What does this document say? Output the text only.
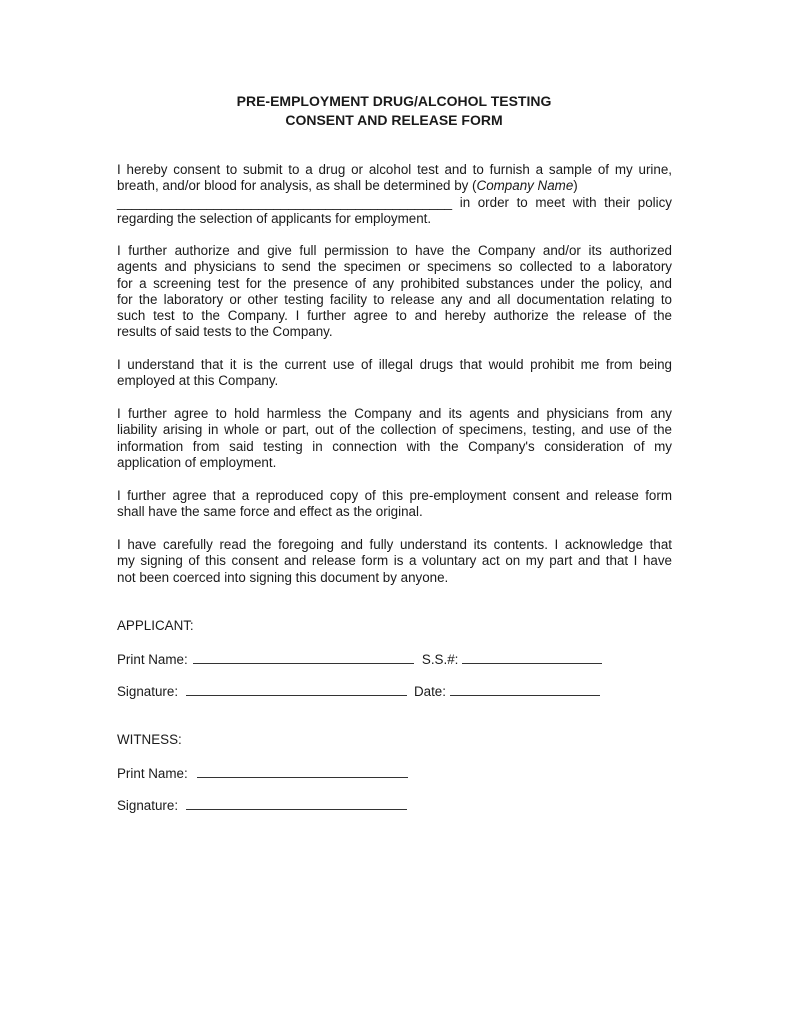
PRE-EMPLOYMENT DRUG/ALCOHOL TESTING
CONSENT AND RELEASE FORM
I hereby consent to submit to a drug or alcohol test and to furnish a sample of my urine,
breath, and/or blood for analysis, as shall be determined by (Company Name)
_____________________________________________ in order to meet with their policy
regarding the selection of applicants for employment.
I further authorize and give full permission to have the Company and/or its authorized
agents and physicians to send the specimen or specimens so collected to a laboratory
for a screening test for the presence of any prohibited substances under the policy, and
for the laboratory or other testing facility to release any and all documentation relating to
such test to the Company. I further agree to and hereby authorize the release of the
results of said tests to the Company.
I understand that it is the current use of illegal drugs that would prohibit me from being
employed at this Company.
I further agree to hold harmless the Company and its agents and physicians from any
liability arising in whole or part, out of the collection of specimens, testing, and use of the
information from said testing in connection with the Company's consideration of my
application of employment.
I further agree that a reproduced copy of this pre-employment consent and release form
shall have the same force and effect as the original.
I have carefully read the foregoing and fully understand its contents. I acknowledge that
my signing of this consent and release form is a voluntary act on my part and that I have
not been coerced into signing this document by anyone.
APPLICANT:
Print Name:	S.S.#:
Signature:	Date:
WITNESS:
Print Name:
Signature:
